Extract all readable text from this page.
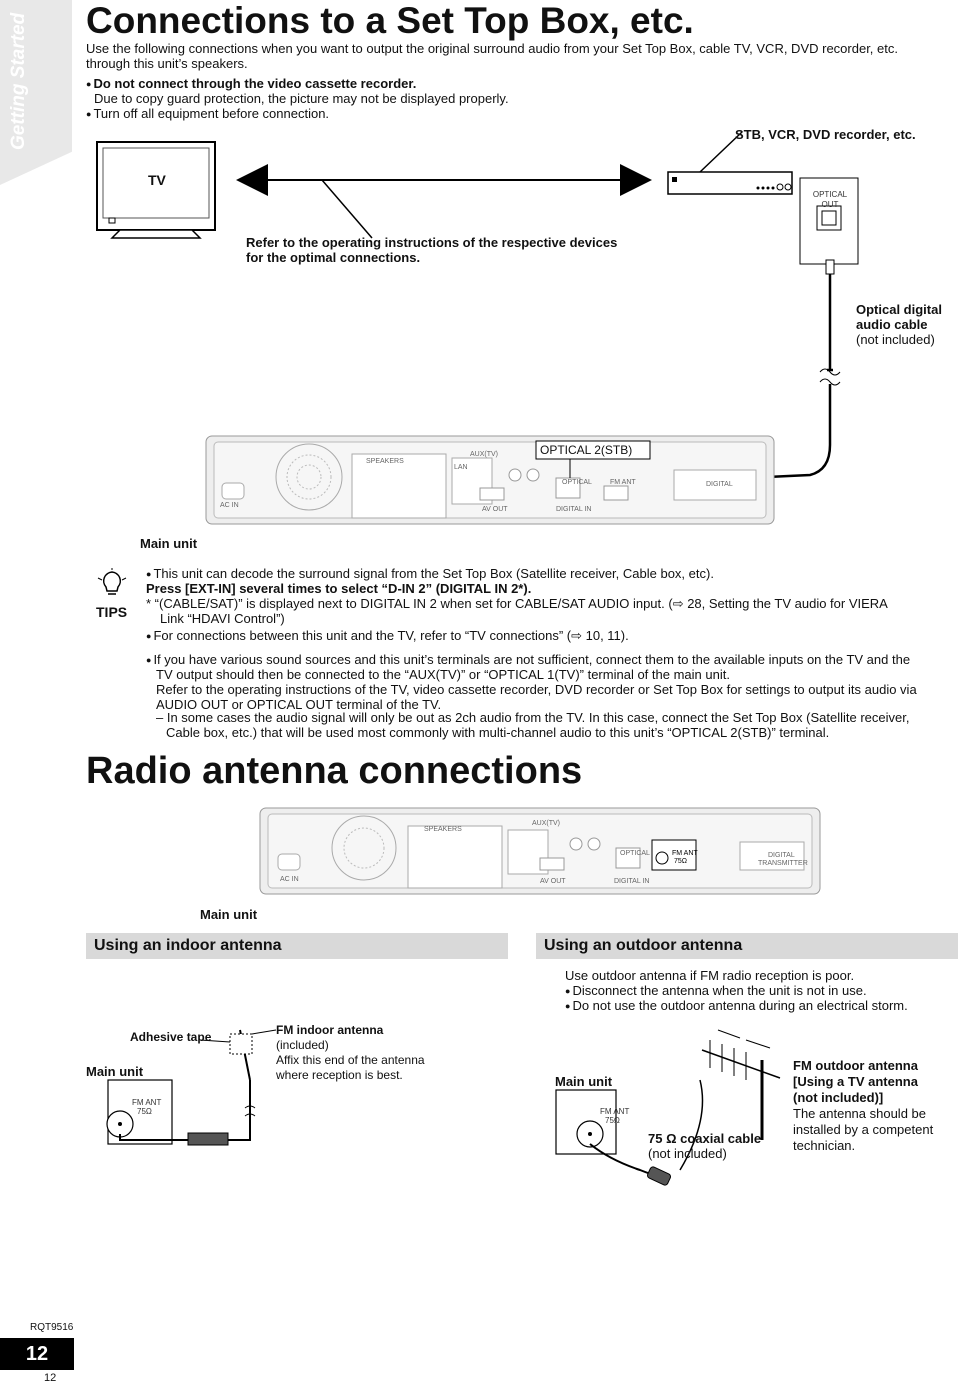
Getting Started Connections to a Set Top Box, etc.
Use the following connections when you want to output the original surround audio from your Set Top Box, cable TV, VCR, DVD recorder, etc.
through this unit’s speakers.
● Do not connect through the video cassette recorder.
Due to copy guard protection, the picture may not be displayed properly.
● Turn off all equipment before connection.
TV
STB, VCR, DVD recorder, etc.
OPTICAL
OUT
Refer to the operating instructions of the respective devices
for the optimal connections.
Optical digital
audio cable
(not included)
OPTICAL 2(STB)
SPEAKERS
AC IN
AUX(TV)
LAN
OPTICAL	FM ANT
DIGITAL IN
DIGITAL
AV OUT
Main unit
TIPS
● This unit can decode the surround signal from the Set Top Box (Satellite receiver, Cable box, etc).
Press [EXT-IN] several times to select “D-IN 2” (DIGITAL IN 2*).
* “(CABLE/SAT)” is displayed next to DIGITAL IN 2 when set for CABLE/SAT AUDIO input. (⇨ 28, Setting the TV audio for VIERA
Link “HDAVI Control”)
● For connections between this unit and the TV, refer to “TV connections” (⇨ 10, 11).
● If you have various sound sources and this unit’s terminals are not sufficient, connect them to the available inputs on the TV and the
TV output should then be connected to the “AUX(TV)” or “OPTICAL 1(TV)” terminal of the main unit.
Refer to the operating instructions of the TV, video cassette recorder, DVD recorder or Set Top Box for settings to output its audio via
AUDIO OUT or OPTICAL OUT terminal of the TV.
– In some cases the audio signal will only be out as 2ch audio from the TV. In this case, connect the Set Top Box (Satellite receiver,
Cable box, etc.) that will be used most commonly with multi-channel audio to this unit’s “OPTICAL 2(STB)” terminal.
Radio antenna connections
SPEAKERS
AC IN
AUX(TV)
OPTICAL
DIGITAL IN
AV OUT
FM ANT
75Ω
DIGITAL
TRANSMITTER
Main unit
Using an indoor antenna
Main unit
Adhesive tape
FM ANT
75Ω
FM indoor antenna
(included)
Affix this end of the antenna
where reception is best.
Using an outdoor antenna
Use outdoor antenna if FM radio reception is poor.
● Disconnect the antenna when the unit is not in use.
● Do not use the outdoor antenna during an electrical storm.
Main unit
FM ANT
75Ω
75 Ω coaxial cable
(not included)
FM outdoor antenna
[Using a TV antenna
(not included)]
The antenna should be
installed by a competent
technician.
RQT9516
12
12
